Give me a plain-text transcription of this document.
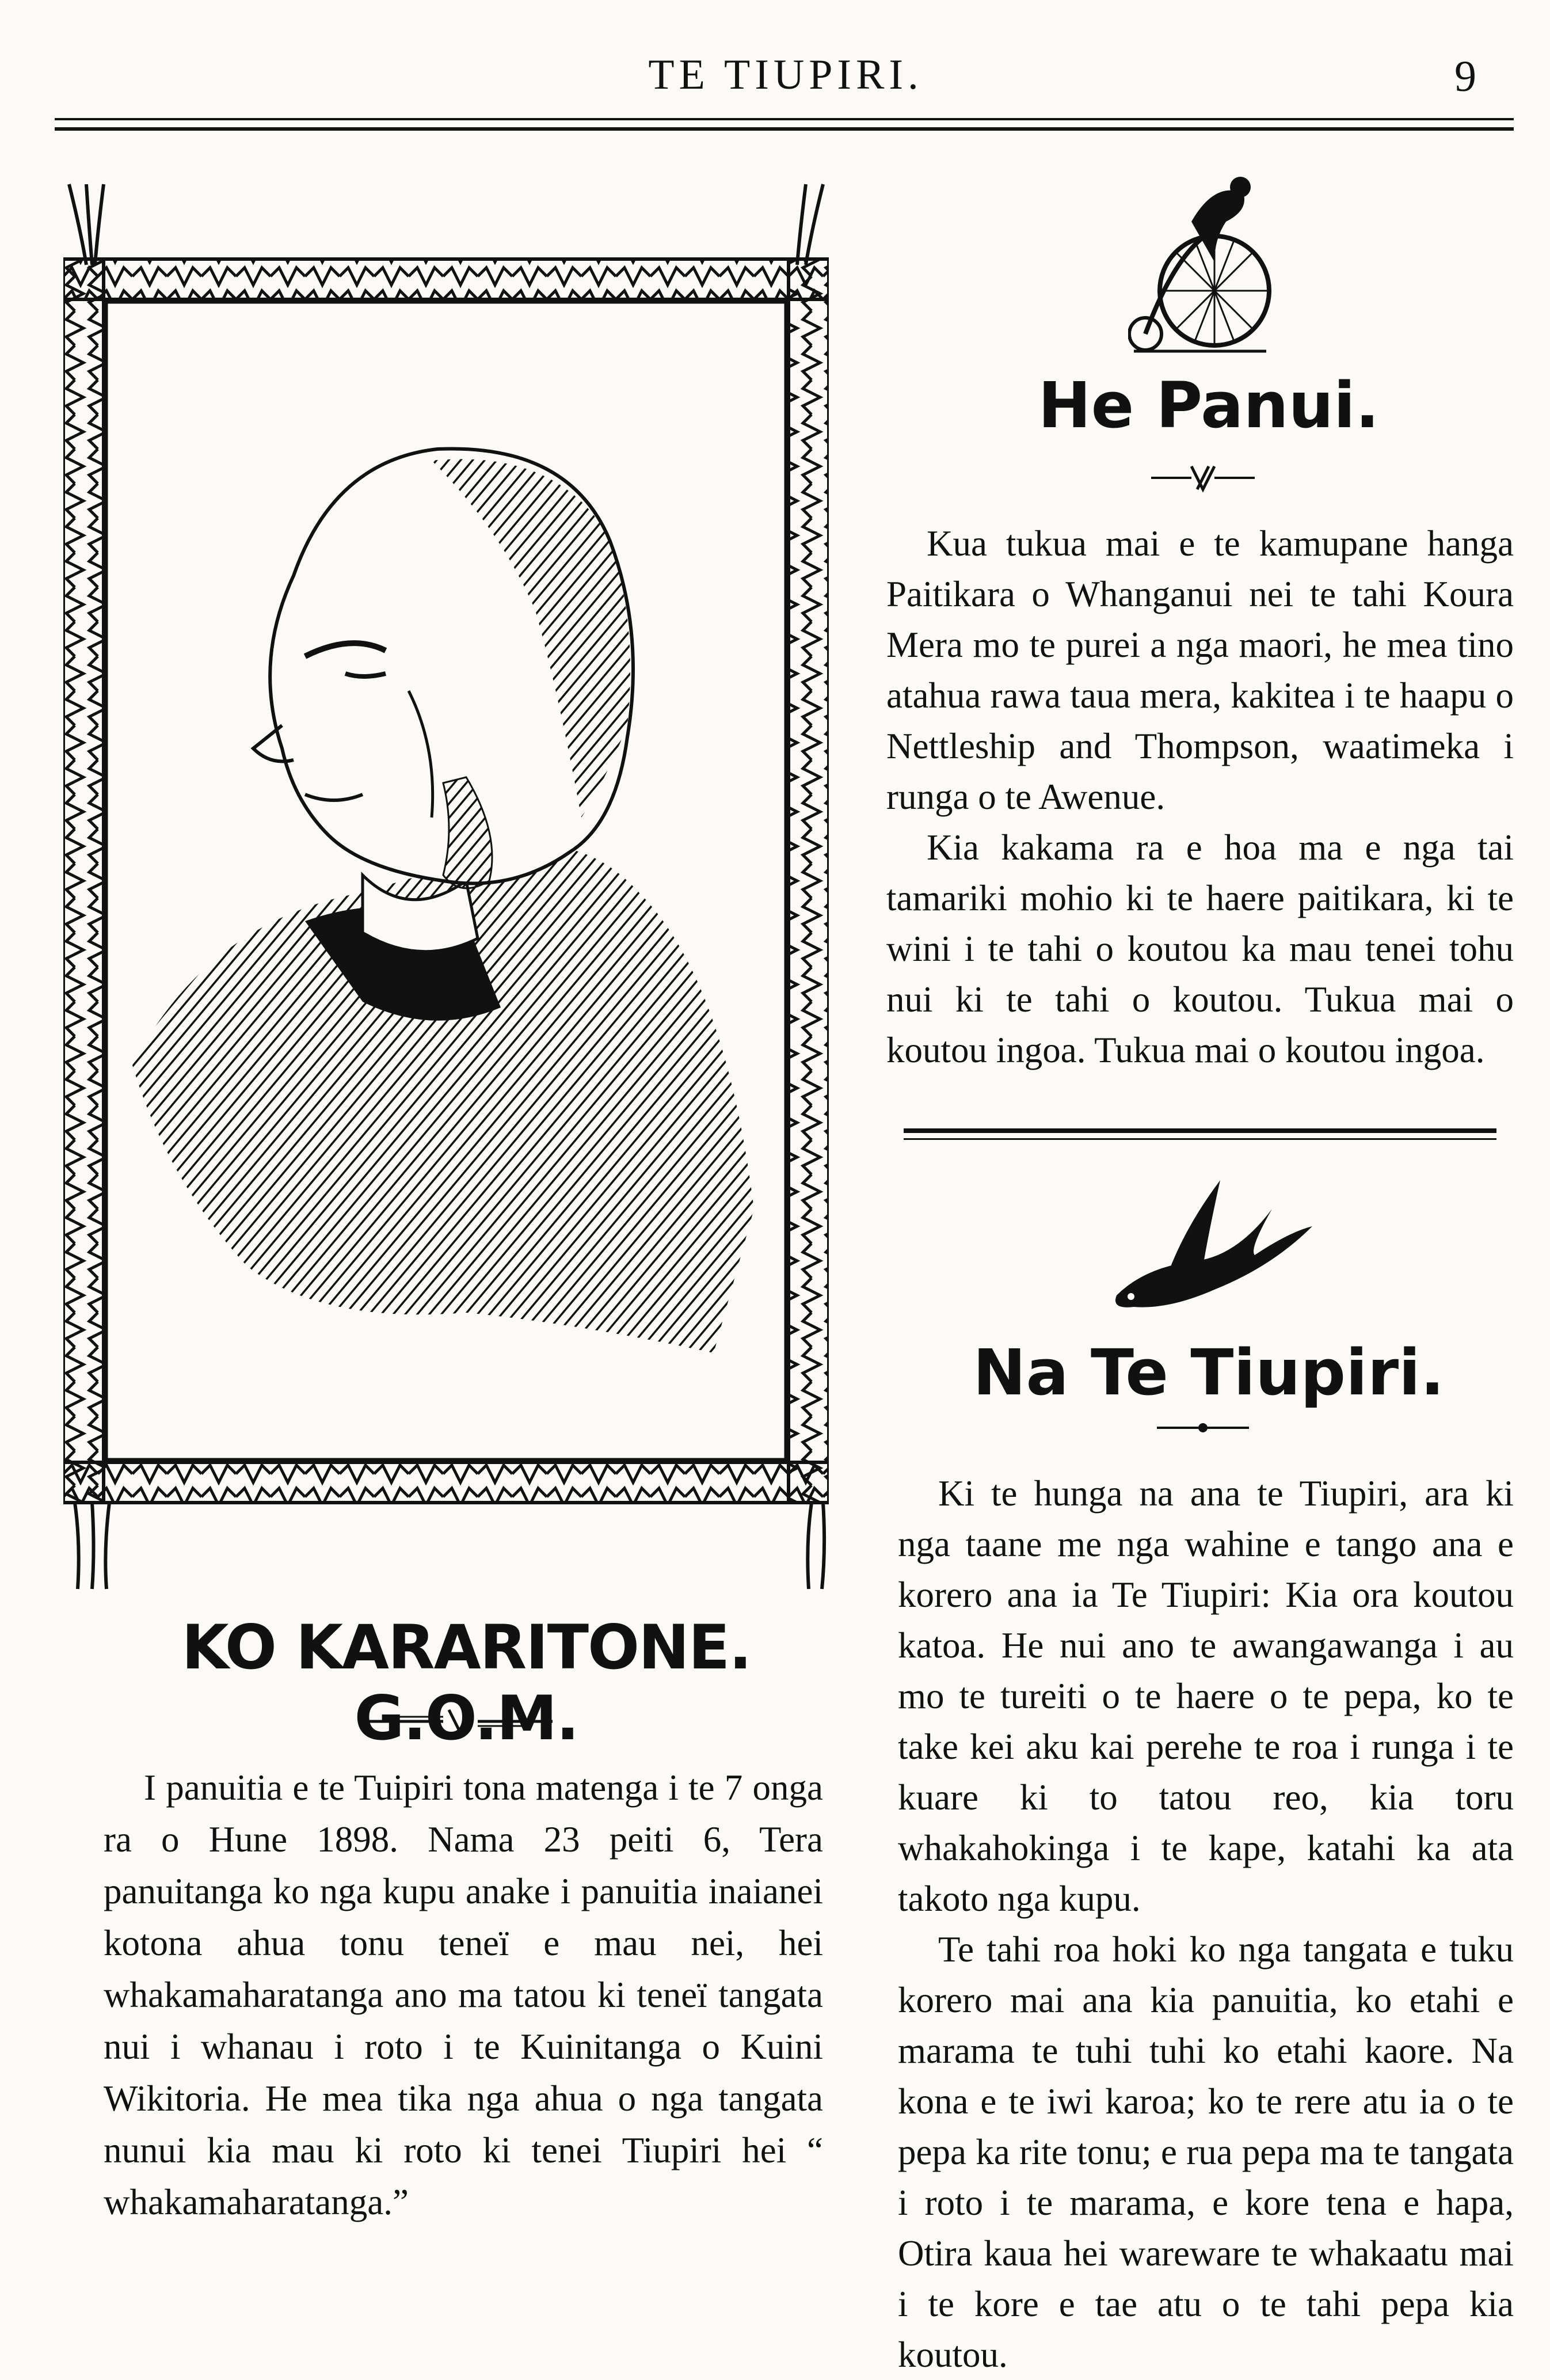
TE TIUPIRI.	9
KO KARARITONE. G.O.M.

I panuitia e te Tuipiri tona matenga i te 7 onga ra o Hune 1898. Nama 23 peiti 6, Tera panuitanga ko nga kupu anake i panuitia inaianei kotona ahua tonu teneï e mau nei, hei whakamaharatanga ano ma tatou ki teneï tangata nui i whanau i roto i te Kuinitanga o Kuini Wikitoria. He mea tika nga ahua o nga tangata nunui kia mau ki roto ki tenei Tiupiri hei “ whakamaharatanga.”

He Panui.

Kua tukua mai e te kamupane hanga Paitikara o Whanganui nei te tahi Koura Mera mo te purei a nga maori, he mea tino atahua rawa taua mera, kakitea i te haapu o Nettleship and Thompson, waatimeka i runga o te Awenue.

Kia kakama ra e hoa ma e nga tai tamariki mohio ki te haere paitikara, ki te wini i te tahi o koutou ka mau tenei tohu nui ki te tahi o koutou. Tukua mai o koutou ingoa. Tukua mai o koutou ingoa.

Na Te Tiupiri.

Ki te hunga na ana te Tiupiri, ara ki nga taane me nga wahine e tango ana e korero ana ia Te Tiupiri: Kia ora koutou katoa. He nui ano te awangawanga i au mo te tureiti o te haere o te pepa, ko te take kei aku kai perehe te roa i runga i te kuare ki to tatou reo, kia toru whakahokinga i te kape, katahi ka ata takoto nga kupu.

Te tahi roa hoki ko nga tangata e tuku korero mai ana kia panuitia, ko etahi e marama te tuhi tuhi ko etahi kaore. Na kona e te iwi karoa; ko te rere atu ia o te pepa ka rite tonu; e rua pepa ma te tangata i roto i te marama, e kore tena e hapa, Otira kaua hei wareware te whakaatu mai i te kore e tae atu o te tahi pepa kia koutou.
